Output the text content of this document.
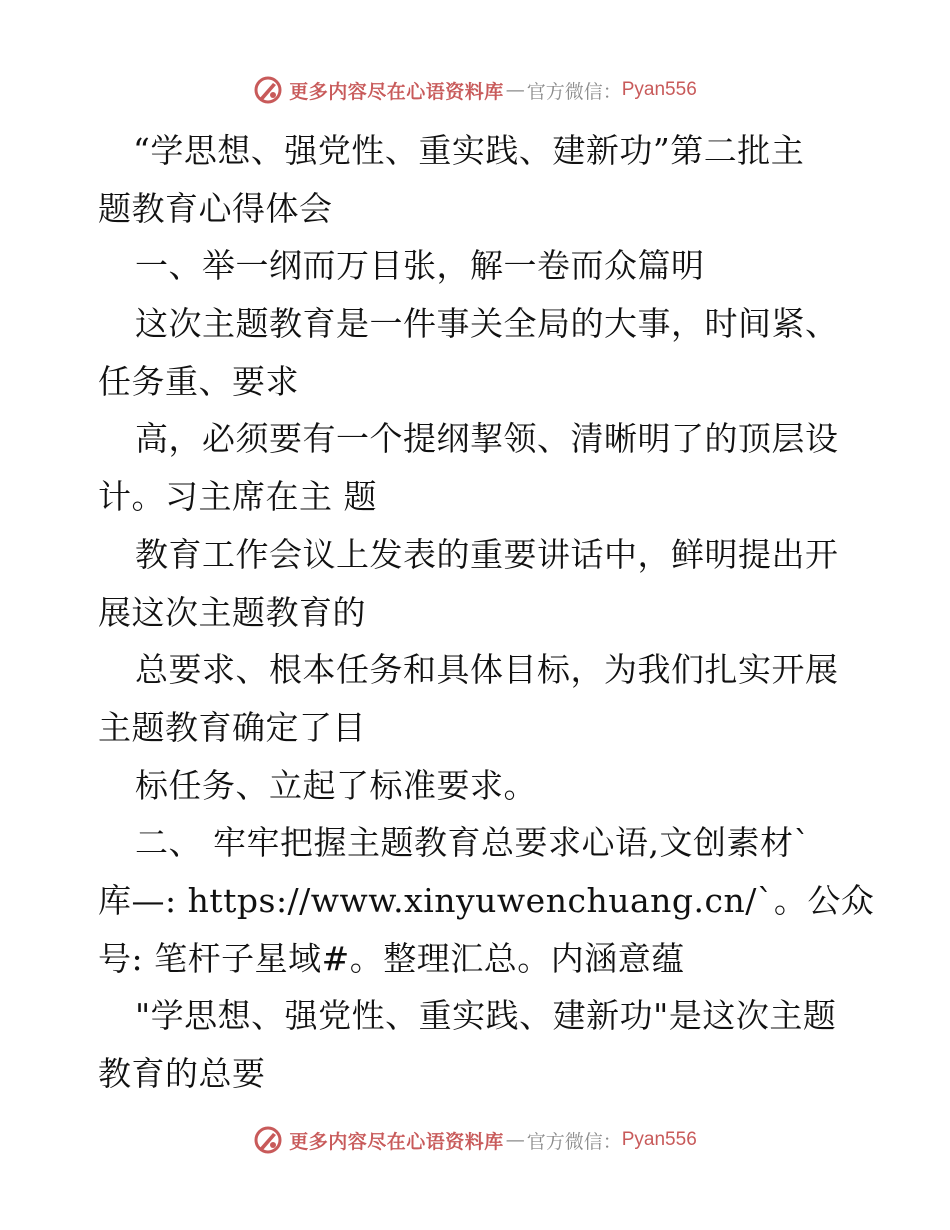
更多内容尽在心语资料库 — 官方微信： Pyan556
“学思想、强党性、重实践、建新功”第二批主
题教育心得体会
一、举一纲而万目张，解一卷而众篇明
这次主题教育是一件事关全局的大事，时间紧、
任务重、要求
高，必须要有一个提纲挈领、清晰明了的顶层设
计。习主席在主 题
教育工作会议上发表的重要讲话中，鲜明提出开
展这次主题教育的
总要求、根本任务和具体目标，为我们扎实开展
主题教育确定了目
标任务、立起了标准要求。
二、 牢牢把握主题教育总要求心语,文创素材`
库—: https://www.xinyuwenchuang.cn/`。公众
号: 笔杆子星域#。整理汇总。内涵意蕴
"学思想、强党性、重实践、建新功"是这次主题
教育的总要
更多内容尽在心语资料库 — 官方微信： Pyan556
